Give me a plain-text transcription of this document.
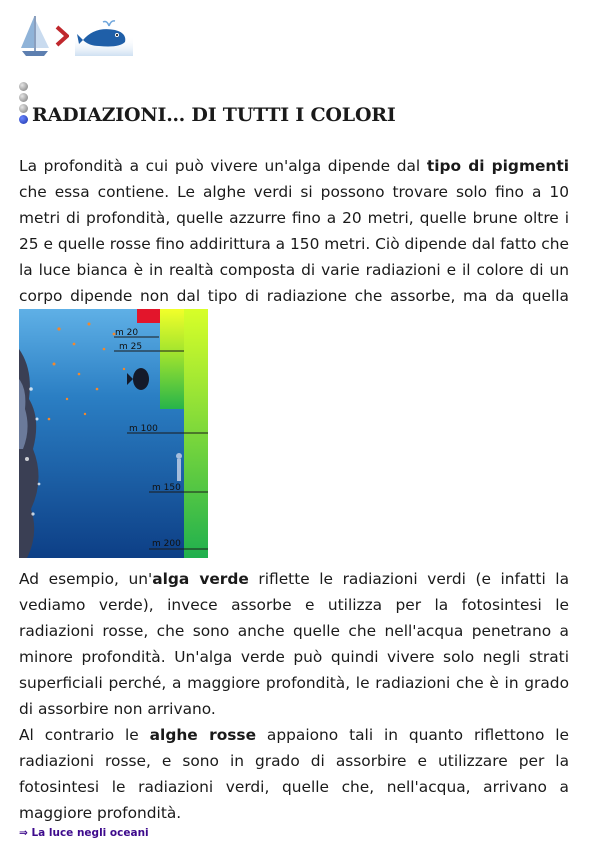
RADIAZIONI… DI TUTTI I COLORI

La profondità a cui può vivere un'alga dipende dal tipo di pigmenti che essa contiene. Le alghe verdi si possono trovare solo fino a 10 metri di profondità, quelle azzurre fino a 20 metri, quelle brune oltre i 25 e quelle rosse fino addirittura a 150 metri. Ciò dipende dal fatto che la luce bianca è in realtà composta di varie radiazioni e il colore di un corpo dipende non dal tipo di radiazione che assorbe, ma da quella

m 20
m 25
m 100
m 150
m 200

Ad esempio, un'alga verde riflette le radiazioni verdi (e infatti la vediamo verde), invece assorbe e utilizza per la fotosintesi le radiazioni rosse, che sono anche quelle che nell'acqua penetrano a minore profondità. Un'alga verde può quindi vivere solo negli strati superficiali perché, a maggiore profondità, le radiazioni che è in grado di assorbire non arrivano.

Al contrario le alghe rosse appaiono tali in quanto riflettono le radiazioni rosse, e sono in grado di assorbire e utilizzare per la fotosintesi le radiazioni verdi, quelle che, nell'acqua, arrivano a maggiore profondità.

⇒ La luce negli oceani
